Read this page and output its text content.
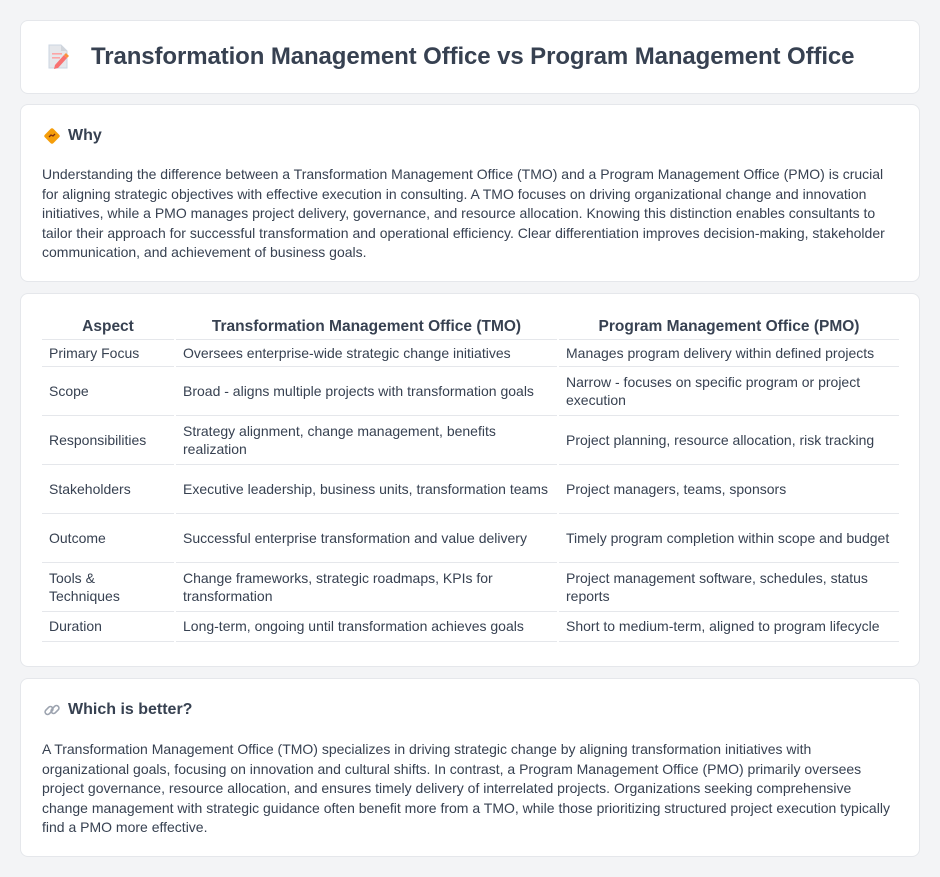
Transformation Management Office vs Program Management Office
Why

Understanding the difference between a Transformation Management Office (TMO) and a Program Management Office (PMO) is crucial for aligning strategic objectives with effective execution in consulting. A TMO focuses on driving organizational change and innovation initiatives, while a PMO manages project delivery, governance, and resource allocation. Knowing this distinction enables consultants to tailor their approach for successful transformation and operational efficiency. Clear differentiation improves decision-making, stakeholder communication, and achievement of business goals.

Aspect	Transformation Management Office (TMO)	Program Management Office (PMO)
Primary Focus	Oversees enterprise-wide strategic change initiatives	Manages program delivery within defined projects
Scope	Broad - aligns multiple projects with transformation goals	Narrow - focuses on specific program or project execution
Responsibilities	Strategy alignment, change management, benefits realization	Project planning, resource allocation, risk tracking
Stakeholders	Executive leadership, business units, transformation teams	Project managers, teams, sponsors
Outcome	Successful enterprise transformation and value delivery	Timely program completion within scope and budget
Tools & Techniques	Change frameworks, strategic roadmaps, KPIs for transformation	Project management software, schedules, status reports
Duration	Long-term, ongoing until transformation achieves goals	Short to medium-term, aligned to program lifecycle
Which is better?

A Transformation Management Office (TMO) specializes in driving strategic change by aligning transformation initiatives with organizational goals, focusing on innovation and cultural shifts. In contrast, a Program Management Office (PMO) primarily oversees project governance, resource allocation, and ensures timely delivery of interrelated projects. Organizations seeking comprehensive change management with strategic guidance often benefit more from a TMO, while those prioritizing structured project execution typically find a PMO more effective.
